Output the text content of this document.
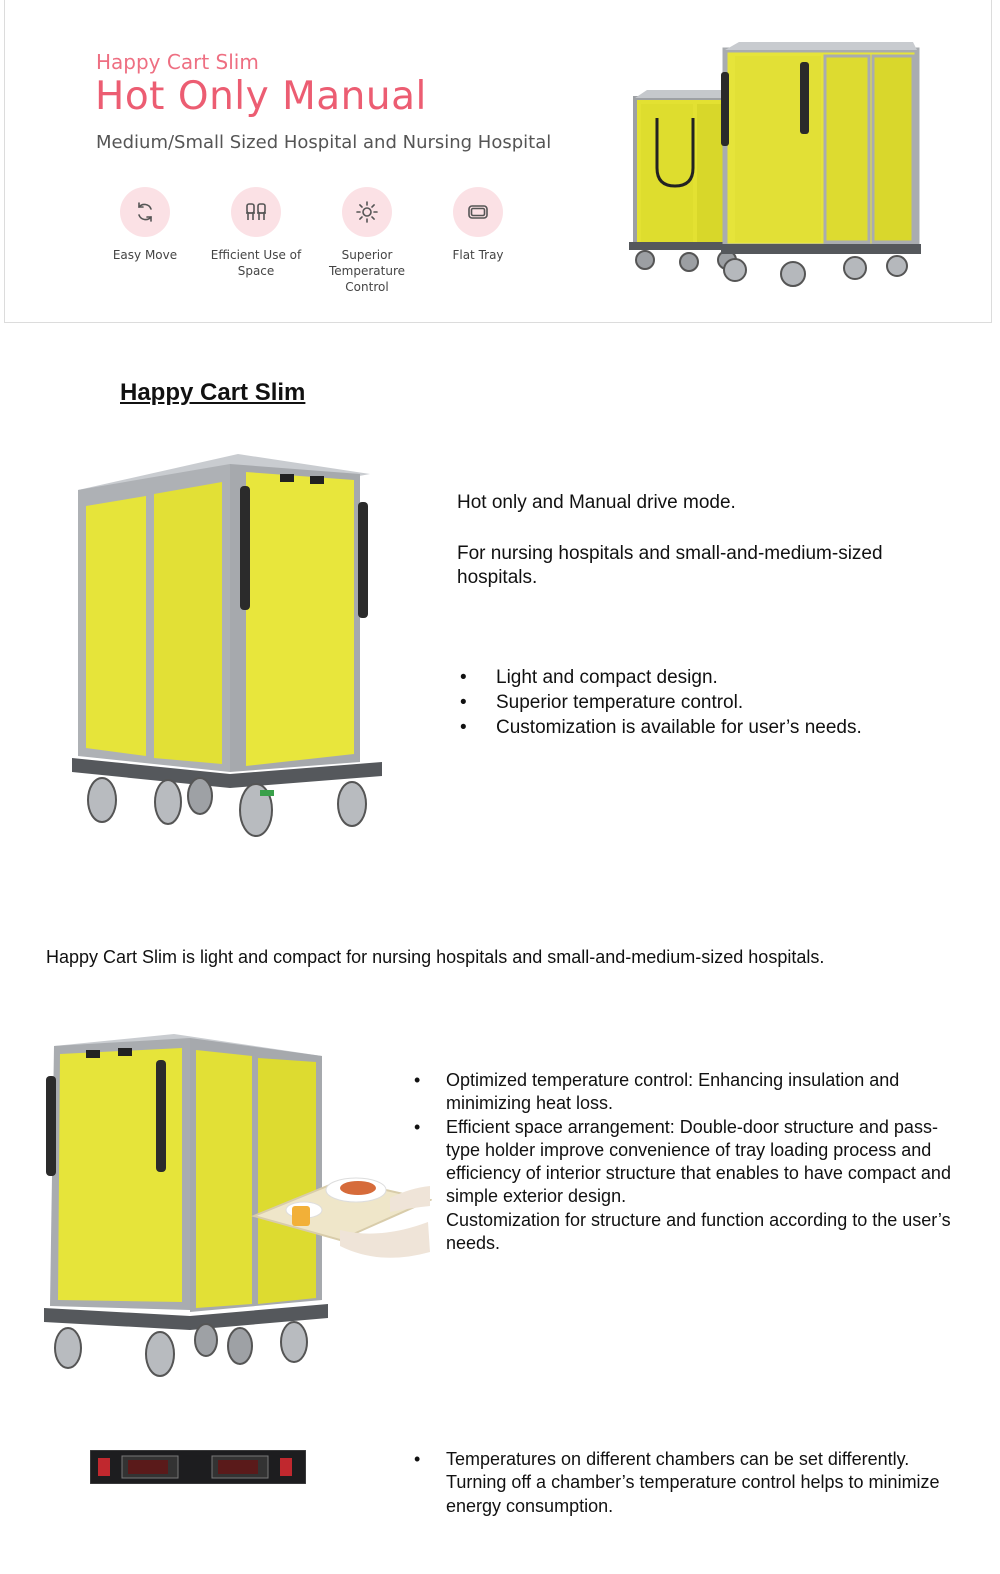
Happy Cart Slim
Hot Only Manual
Medium/Small Sized Hospital and Nursing Hospital
Easy Move	Efficient Use of Space
Superior Temperature Control
Flat Tray
Happy Cart Slim
Hot only and Manual drive mode.
For nursing hospitals and small-and-medium-sized hospitals.
• Light and compact design.
• Superior temperature control.
• Customization is available for user’s needs.
Happy Cart Slim is light and compact for nursing hospitals and small-and-medium-sized hospitals.
• Optimized temperature control: Enhancing insulation and minimizing heat loss.
• Efficient space arrangement: Double-door structure and pass-type holder improve convenience of tray loading process and efficiency of interior structure that enables to have compact and simple exterior design.
Customization for structure and function according to the user’s needs.
• Temperatures on different chambers can be set differently. Turning off a chamber’s temperature control helps to minimize energy consumption.
